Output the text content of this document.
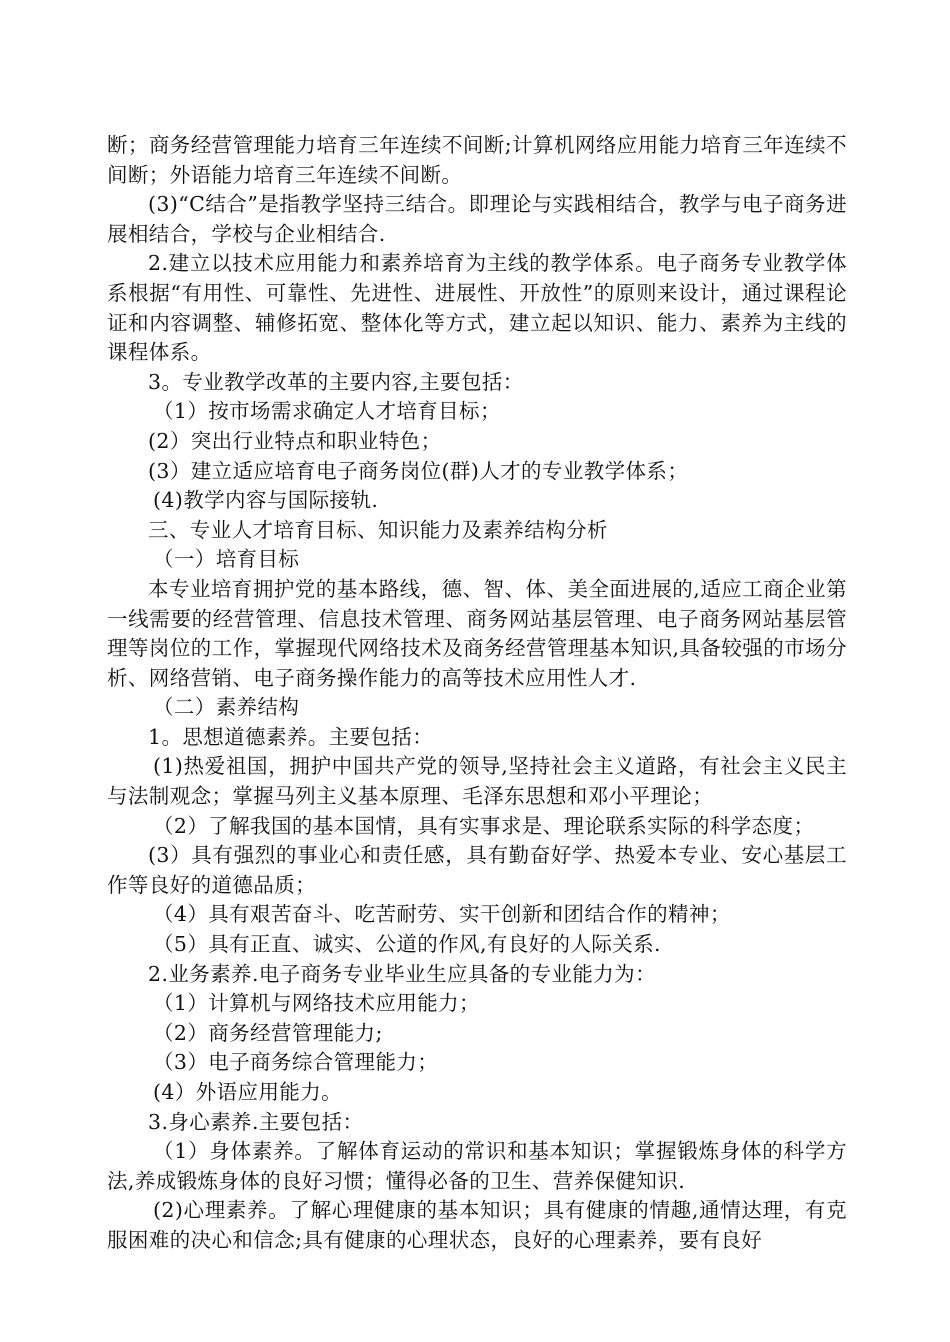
断；商务经营管理能力培育三年连续不间断;计算机网络应用能力培育三年连续不间断；外语能力培育三年连续不间断。

(3)“C结合”是指教学坚持三结合。即理论与实践相结合，教学与电子商务进展相结合，学校与企业相结合.

2.建立以技术应用能力和素养培育为主线的教学体系。电子商务专业教学体系根据“有用性、可靠性、先进性、进展性、开放性”的原则来设计，通过课程论证和内容调整、辅修拓宽、整体化等方式，建立起以知识、能力、素养为主线的课程体系。

3。专业教学改革的主要内容,主要包括：

（1）按市场需求确定人才培育目标；

(2）突出行业特点和职业特色；

(3）建立适应培育电子商务岗位(群)人才的专业教学体系；

(4)教学内容与国际接轨.

三、专业人才培育目标、知识能力及素养结构分析

（一）培育目标

本专业培育拥护党的基本路线，德、智、体、美全面进展的,适应工商企业第一线需要的经营管理、信息技术管理、商务网站基层管理、电子商务网站基层管理等岗位的工作，掌握现代网络技术及商务经营管理基本知识,具备较强的市场分析、网络营销、电子商务操作能力的高等技术应用性人才.

（二）素养结构

1。思想道德素养。主要包括：

(1)热爱祖国，拥护中国共产党的领导,坚持社会主义道路，有社会主义民主与法制观念；掌握马列主义基本原理、毛泽东思想和邓小平理论；

（2）了解我国的基本国情，具有实事求是、理论联系实际的科学态度；

(3）具有强烈的事业心和责任感，具有勤奋好学、热爱本专业、安心基层工作等良好的道德品质；

（4）具有艰苦奋斗、吃苦耐劳、实干创新和团结合作的精神；

（5）具有正直、诚实、公道的作风,有良好的人际关系.

2.业务素养.电子商务专业毕业生应具备的专业能力为：

（1）计算机与网络技术应用能力；

（2）商务经营管理能力;

（3）电子商务综合管理能力；

(4）外语应用能力。

3.身心素养.主要包括：

（1）身体素养。了解体育运动的常识和基本知识；掌握锻炼身体的科学方法,养成锻炼身体的良好习惯；懂得必备的卫生、营养保健知识.

(2)心理素养。了解心理健康的基本知识；具有健康的情趣,通情达理，有克服困难的决心和信念;具有健康的心理状态，良好的心理素养，要有良好
